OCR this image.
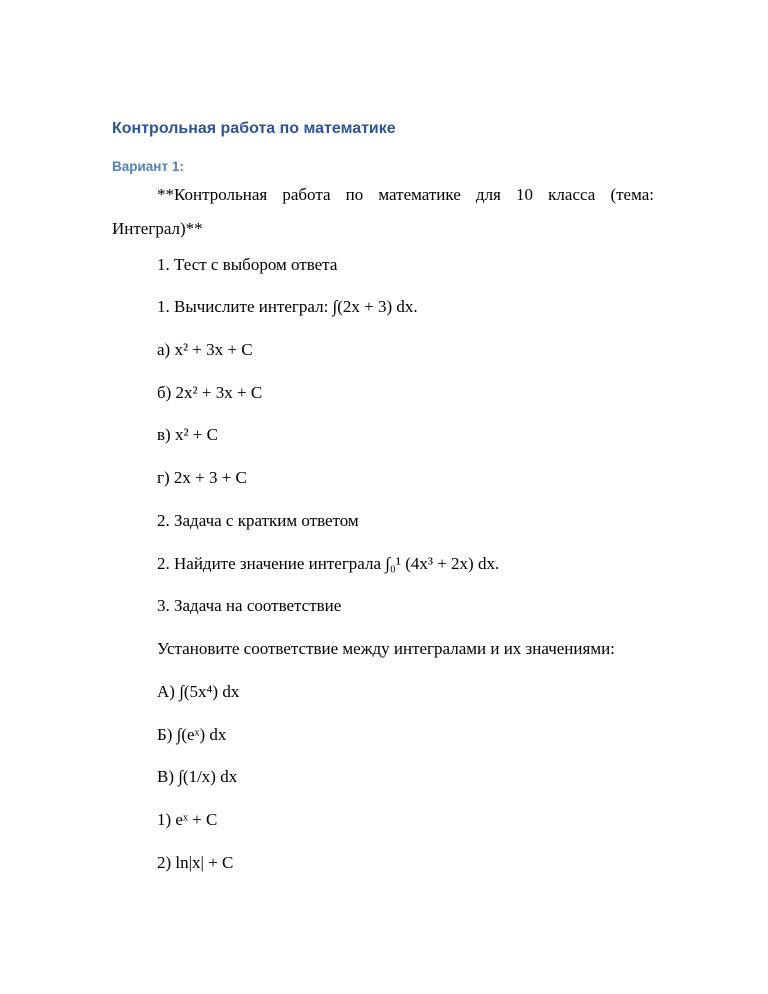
Контрольная работа по математике
Вариант 1:

**Контрольная работа по математике для 10 класса (тема: Интеграл)**

1. Тест с выбором ответа
1. Вычислите интеграл: ∫(2x + 3) dx.
а) x² + 3x + C
б) 2x² + 3x + C
в) x² + C
г) 2x + 3 + C
2. Задача с кратким ответом
2. Найдите значение интеграла ∫₀¹ (4x³ + 2x) dx.
3. Задача на соответствие
Установите соответствие между интегралами и их значениями:
А) ∫(5x⁴) dx
Б) ∫(eˣ) dx
В) ∫(1/x) dx
1) eˣ + C
2) ln|x| + C
